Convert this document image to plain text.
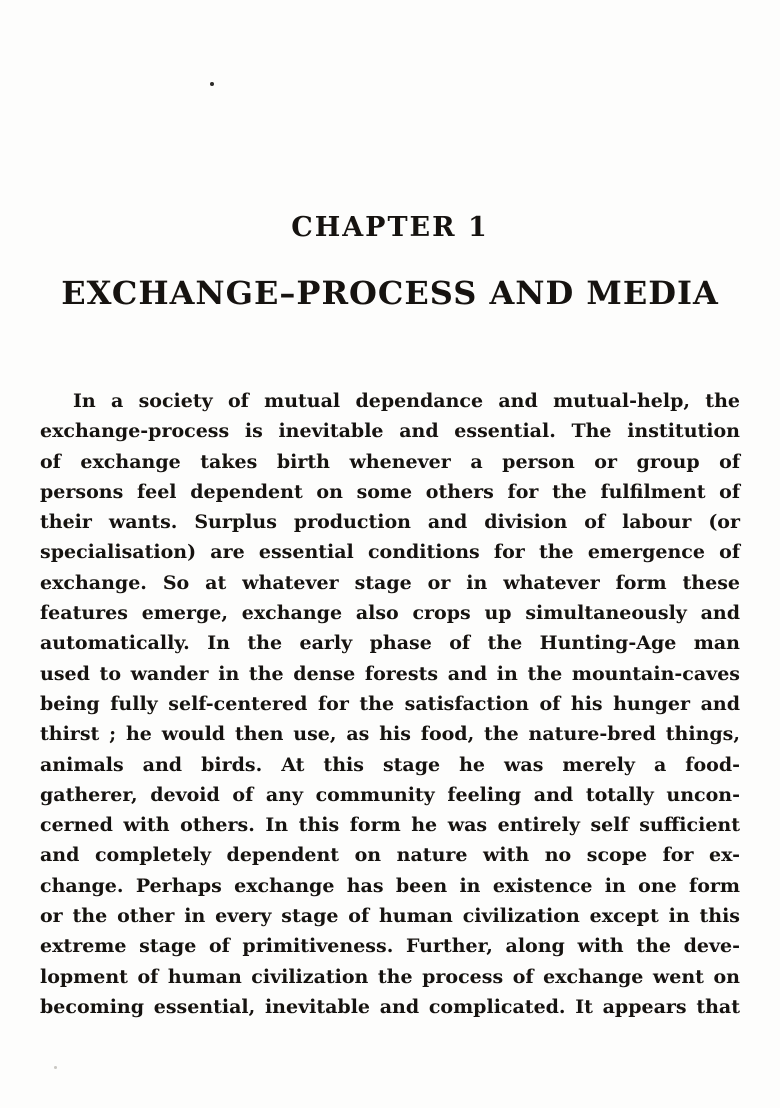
CHAPTER 1
EXCHANGE–PROCESS AND MEDIA
In a society of mutual dependance and mutual-help, the
exchange-process is inevitable and essential. The institution
of exchange takes birth whenever a person or group of
persons feel dependent on some others for the fulfilment of
their wants. Surplus production and division of labour (or
specialisation) are essential conditions for the emergence of
exchange. So at whatever stage or in whatever form these
features emerge, exchange also crops up simultaneously and
automatically. In the early phase of the Hunting-Age man
used to wander in the dense forests and in the mountain-caves
being fully self-centered for the satisfaction of his hunger and
thirst ; he would then use, as his food, the nature-bred things,
animals and birds. At this stage he was merely a food-
gatherer, devoid of any community feeling and totally uncon-
cerned with others. In this form he was entirely self sufficient
and completely dependent on nature with no scope for ex-
change. Perhaps exchange has been in existence in one form
or the other in every stage of human civilization except in this
extreme stage of primitiveness. Further, along with the deve-
lopment of human civilization the process of exchange went on
becoming essential, inevitable and complicated. It appears that
